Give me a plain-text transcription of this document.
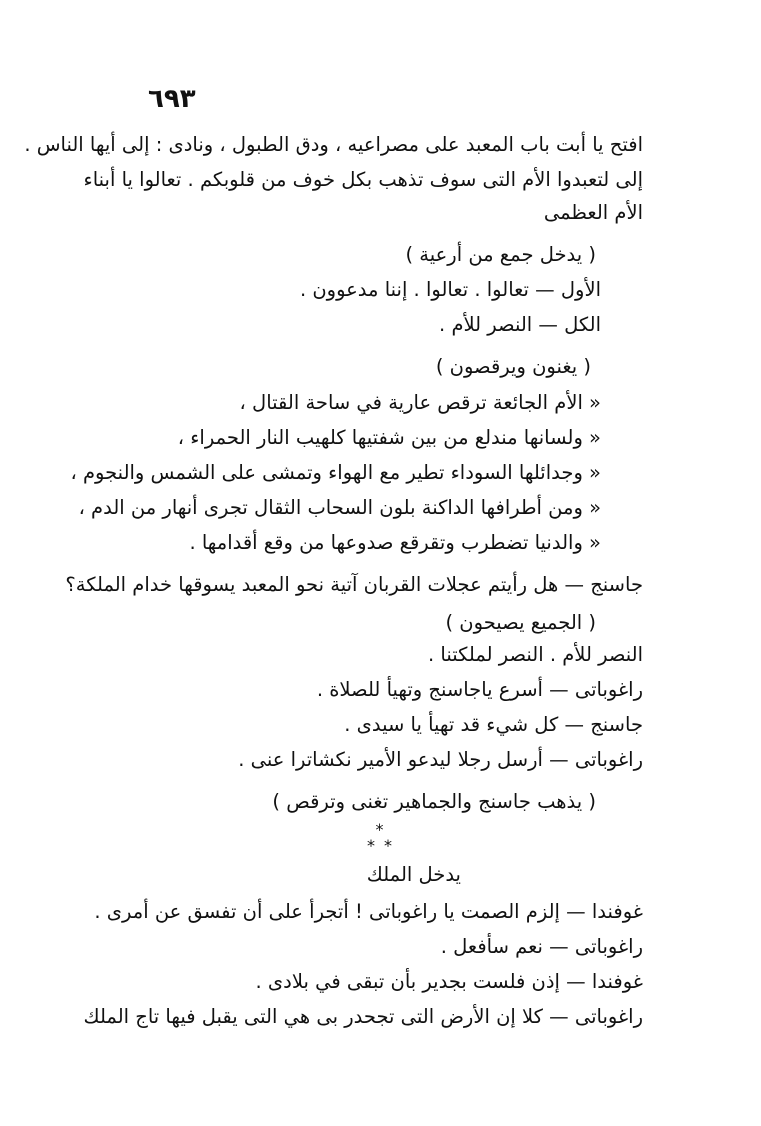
٦٩٣
افتح يا أبت باب المعبد على مصراعيه ، ودق الطبول ، ونادى : إلى أيها الناس .
إلى لتعبدوا الأم التى سوف تذهب بكل خوف من قلوبكم . تعالوا يا أبناء
الأم العظمى
( يدخل جمع من أرعية )
الأول — تعالوا . تعالوا . إننا مدعوون .
الكل — النصر للأم .
( يغنون ويرقصون )
« الأم الجائعة ترقص عارية في ساحة القتال ،
« ولسانها مندلع من بين شفتيها كلهيب النار الحمراء ،
« وجدائلها السوداء تطير مع الهواء وتمشى على الشمس والنجوم ،
« ومن أطرافها الداكنة بلون السحاب الثقال تجرى أنهار من الدم ،
« والدنيا تضطرب وتقرقع صدوعها من وقع أقدامها .
جاسنج — هل رأيتم عجلات القربان آتية نحو المعبد يسوقها خدام الملكة؟
( الجميع يصيحون )
النصر للأم . النصر لملكتنا .
راغوباتى — أسرع ياجاسنج وتهيأ للصلاة .
جاسنج — كل شيء قد تهيأ يا سيدى .
راغوباتى — أرسل رجلا ليدعو الأمير نكشاترا عنى .
( يذهب جاسنج والجماهير تغنى وترقص )
*
* *
يدخل الملك
غوفندا — إلزم الصمت يا راغوباتى ! أتجرأ على أن تفسق عن أمرى .
راغوباتى — نعم سأفعل .
غوفندا — إذن فلست بجدير بأن تبقى في بلادى .
راغوباتى — كلا إن الأرض التى تجحدر بى هي التى يقبل فيها تاج الملك
